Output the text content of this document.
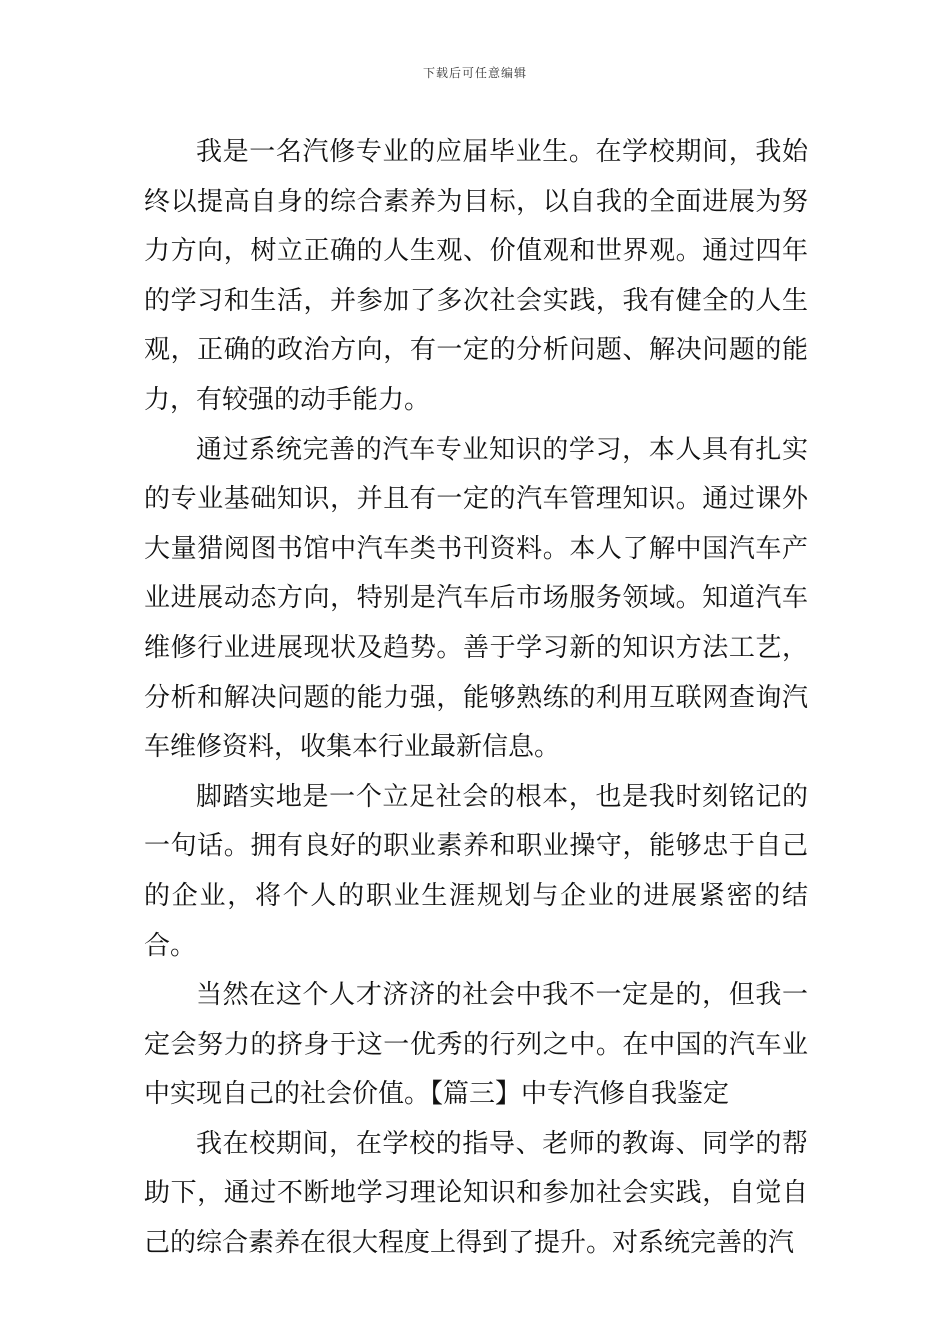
下载后可任意编辑

我是一名汽修专业的应届毕业生。在学校期间，我始终以提高自身的综合素养为目标，以自我的全面进展为努力方向，树立正确的人生观、价值观和世界观。通过四年的学习和生活，并参加了多次社会实践，我有健全的人生观，正确的政治方向，有一定的分析问题、解决问题的能力，有较强的动手能力。

通过系统完善的汽车专业知识的学习，本人具有扎实的专业基础知识，并且有一定的汽车管理知识。通过课外大量猎阅图书馆中汽车类书刊资料。本人了解中国汽车产业进展动态方向，特别是汽车后市场服务领域。知道汽车维修行业进展现状及趋势。善于学习新的知识方法工艺，分析和解决问题的能力强，能够熟练的利用互联网查询汽车维修资料，收集本行业最新信息。

脚踏实地是一个立足社会的根本，也是我时刻铭记的一句话。拥有良好的职业素养和职业操守，能够忠于自己的企业，将个人的职业生涯规划与企业的进展紧密的结合。

当然在这个人才济济的社会中我不一定是的，但我一定会努力的挤身于这一优秀的行列之中。在中国的汽车业中实现自己的社会价值。【篇三】中专汽修自我鉴定

我在校期间，在学校的指导、老师的教诲、同学的帮助下，通过不断地学习理论知识和参加社会实践，自觉自己的综合素养在很大程度上得到了提升。对系统完善的汽
